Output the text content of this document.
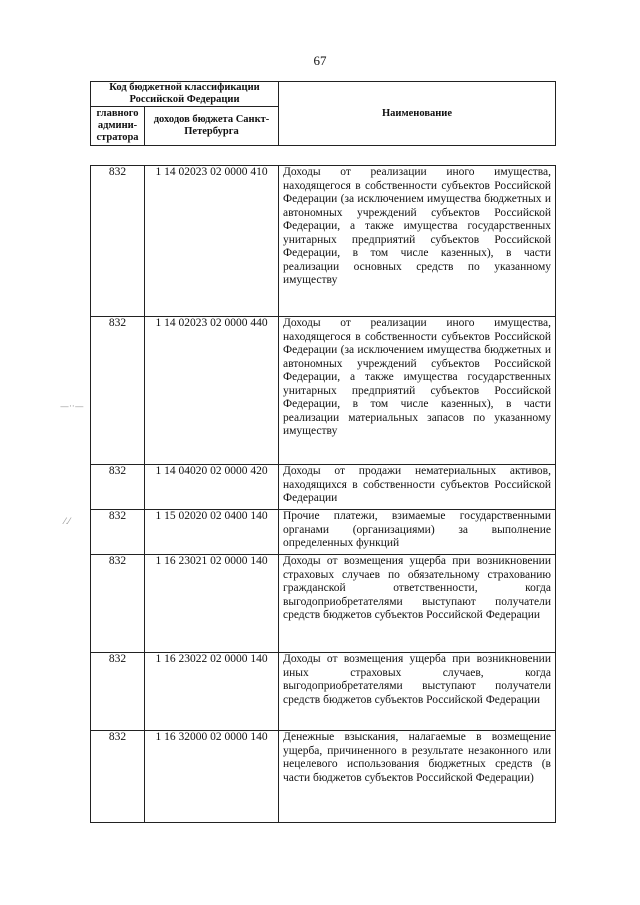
67
—··—
⁄.⁄
Код бюджетной классификации Российской Федерации		Наименование
главного админи-стратора	доходов бюджета Санкт-Петербурга	
832	1 14 02023 02 0000 410	Доходы от реализации иного имущества, находящегося в собственности субъектов Российской Федерации (за исключением имущества бюджетных и автономных учреждений субъектов Российской Федерации, а также имущества государственных унитарных предприятий субъектов Российской Федерации, в том числе казенных), в части реализации основных средств по указанному имуществу
832	1 14 02023 02 0000 440	Доходы от реализации иного имущества, находящегося в собственности субъектов Российской Федерации (за исключением имущества бюджетных и автономных учреждений субъектов Российской Федерации, а также имущества государственных унитарных предприятий субъектов Российской Федерации, в том числе казенных), в части реализации материальных запасов по указанному имуществу
832	1 14 04020 02 0000 420	Доходы от продажи нематериальных активов, находящихся в собственности субъектов Российской Федерации
832	1 15 02020 02 0400 140	Прочие платежи, взимаемые государственными органами (организациями) за выполнение определенных функций
832	1 16 23021 02 0000 140	Доходы от возмещения ущерба при возникновении страховых случаев по обязательному страхованию гражданской ответственности, когда выгодоприобретателями выступают получатели средств бюджетов субъектов Российской Федерации
832	1 16 23022 02 0000 140	Доходы от возмещения ущерба при возникновении иных страховых случаев, когда выгодоприобретателями выступают получатели средств бюджетов субъектов Российской Федерации
832	1 16 32000 02 0000 140	Денежные взыскания, налагаемые в возмещение ущерба, причиненного в результате незаконного или нецелевого использования бюджетных средств (в части бюджетов субъектов Российской Федерации)
